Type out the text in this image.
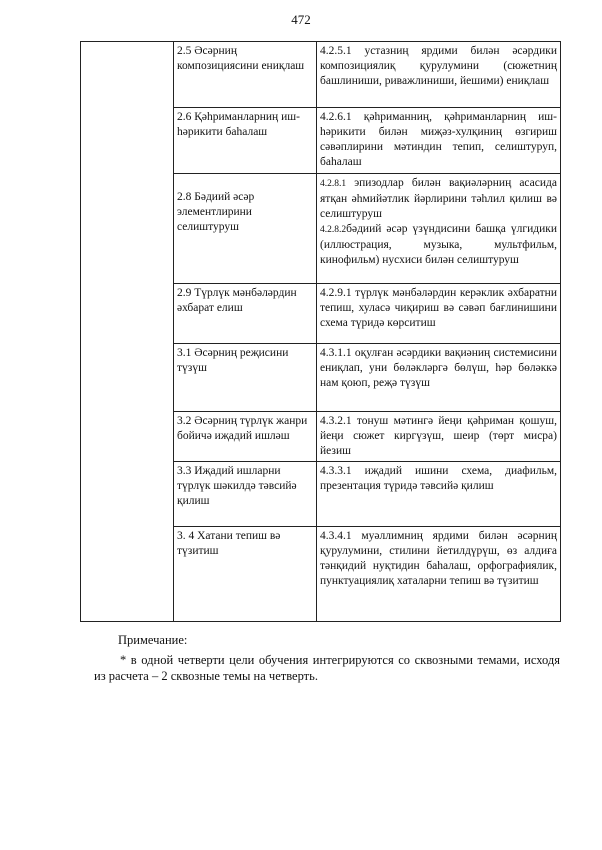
472
	2.5 Әсәрниң композициясини ениқлаш	4.2.5.1 устазниң ярдими билән әсәрдики композициялиқ қурулумини (сюжетниң башлиниши, риважлиниши, йешими) ениқлаш
	2.6 Қәһриманларниң иш-һәрикити баһалаш	4.2.6.1 қәһриманниң, қәһриманларниң иш-һәрикити билән миҗәз-хулқиниң өзгириш сәвәплирини мәтиндин тепип, селиштуруп, баһалаш
	2.8 Бәдиий әсәр элементлирини селиштуруш	4.2.8.1 эпизодлар билән вақиәләрниң асасида ятқан әһмийәтлик йәрлирини тәһлил қилиш вә селиштуруш
4.2.8.2бәдиий әсәр үзүндисини башқа үлгидики (иллюстрация, музыка, мультфильм, кинофильм) нусхиси билән селиштуруш
	2.9 Түрлүк мәнбәләрдин әхбарат елиш	4.2.9.1 түрлүк мәнбәләрдин керәклик әхбаратни тепиш, хуласә чиқириш вә сәвәп бағлинишини схема түридә көрситиш
	3.1 Әсәрниң реҗисини түзүш	4.3.1.1 оқулған әсәрдики вақиәниң системисини ениқлап, уни бөләкләргә бөлүш, һәр бөләккә нам қоюп, реҗә түзүш
	3.2 Әсәрниң түрлүк жанри бойичә иҗадий ишләш	4.3.2.1 тонуш мәтингә йеңи қәһриман қошуш, йеңи сюжет киргүзүш, шеир (төрт мисра) йезиш
	3.3 Иҗадий ишларни түрлүк шәкилдә тәвсийә қилиш	4.3.3.1 иҗадий ишини схема, диафильм, презентация түридә тәвсийә қилиш
	3. 4 Хатани тепиш вә түзитиш	4.3.4.1 муәллимниң ярдими билән әсәрниң қурулумини, стилини йетилдүрүш, өз алдиға тәнқидий нуқтидин баһалаш, орфографиялик, пунктуациялиқ хаталарни тепиш вә түзитиш
Примечание:
* в одной четверти цели обучения интегрируются со сквозными темами, исходя из расчета – 2 сквозные темы на четверть.
